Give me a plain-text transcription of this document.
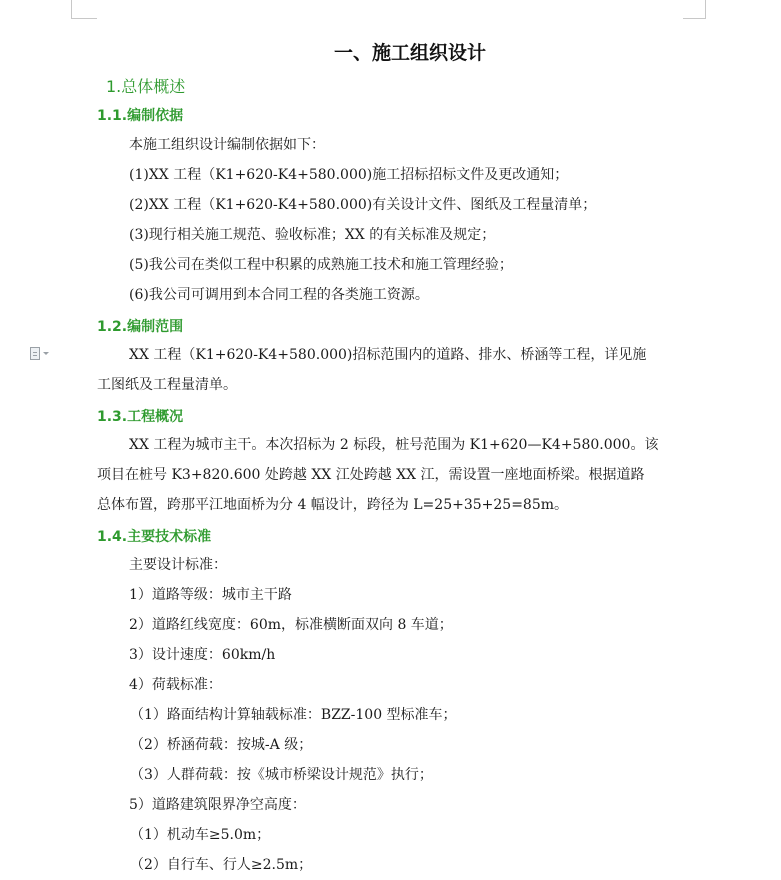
一、施工组织设计
1.总体概述
1.1.编制依据
本施工组织设计编制依据如下：
(1)XX 工程（K1+620-K4+580.000)施工招标招标文件及更改通知；
(2)XX 工程（K1+620-K4+580.000)有关设计文件、图纸及工程量清单；
(3)现行相关施工规范、验收标准；XX 的有关标准及规定；
(5)我公司在类似工程中积累的成熟施工技术和施工管理经验；
(6)我公司可调用到本合同工程的各类施工资源。
1.2.编制范围
XX 工程（K1+620-K4+580.000)招标范围内的道路、排水、桥涵等工程，详见施
工图纸及工程量清单。
1.3.工程概况
XX 工程为城市主干。本次招标为 2 标段，桩号范围为 K1+620—K4+580.000。该
项目在桩号 K3+820.600 处跨越 XX 江处跨越 XX 江，需设置一座地面桥梁。根据道路
总体布置，跨那平江地面桥为分 4 幅设计，跨径为 L=25+35+25=85m。
1.4.主要技术标准
主要设计标准：
1）道路等级：城市主干路
2）道路红线宽度：60m，标准横断面双向 8 车道；
3）设计速度：60km/h
4）荷载标准：
（1）路面结构计算轴载标准：BZZ-100 型标准车；
（2）桥涵荷载：按城-A 级；
（3）人群荷载：按《城市桥梁设计规范》执行；
5）道路建筑限界净空高度：
（1）机动车≥5.0m；
（2）自行车、行人≥2.5m；
